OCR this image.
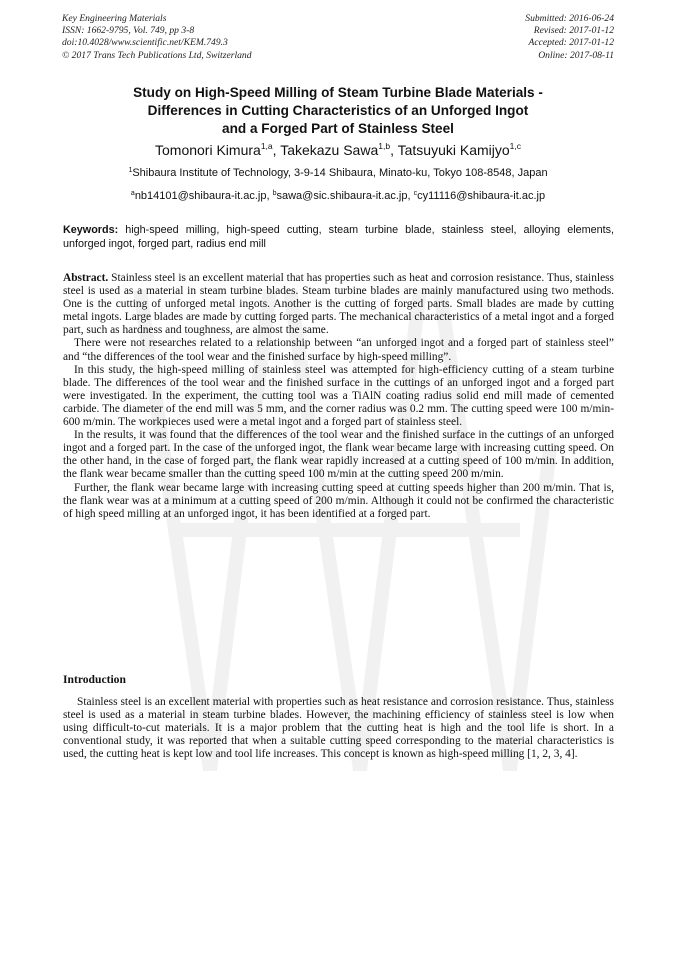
Key Engineering Materials
ISSN: 1662-9795, Vol. 749, pp 3-8
doi:10.4028/www.scientific.net/KEM.749.3
© 2017 Trans Tech Publications Ltd, Switzerland
Submitted: 2016-06-24
Revised: 2017-01-12
Accepted: 2017-01-12
Online: 2017-08-11
Study on High-Speed Milling of Steam Turbine Blade Materials -
Differences in Cutting Characteristics of an Unforged Ingot
and a Forged Part of Stainless Steel
Tomonori Kimura$^{1,a}$, Takekazu Sawa$^{1,b}$, Tatsuyuki Kamijyo$^{1,c}$
$^1$Shibaura Institute of Technology, 3-9-14 Shibaura, Minato-ku, Tokyo 108-8548, Japan
$^a$nb14101@shibaura-it.ac.jp, $^b$sawa@sic.shibaura-it.ac.jp, $^c$cy11116@shibaura-it.ac.jp
Keywords: high-speed milling, high-speed cutting, steam turbine blade, stainless steel, alloying elements, unforged ingot, forged part, radius end mill

Abstract. Stainless steel is an excellent material that has properties such as heat and corrosion resistance. Thus, stainless steel is used as a material in steam turbine blades. Steam turbine blades are mainly manufactured using two methods. One is the cutting of unforged metal ingots. Another is the cutting of forged parts. Small blades are made by cutting metal ingots. Large blades are made by cutting forged parts. The mechanical characteristics of a metal ingot and a forged part, such as hardness and toughness, are almost the same.

There were not researches related to a relationship between “an unforged ingot and a forged part of stainless steel” and “the differences of the tool wear and the finished surface by high-speed milling”.

In this study, the high-speed milling of stainless steel was attempted for high-efficiency cutting of a steam turbine blade. The differences of the tool wear and the finished surface in the cuttings of an unforged ingot and a forged part were investigated. In the experiment, the cutting tool was a TiAlN coating radius solid end mill made of cemented carbide. The diameter of the end mill was 5 mm, and the corner radius was 0.2 mm. The cutting speed were 100 m/min-600 m/min. The workpieces used were a metal ingot and a forged part of stainless steel.

In the results, it was found that the differences of the tool wear and the finished surface in the cuttings of an unforged ingot and a forged part. In the case of the unforged ingot, the flank wear became large with increasing cutting speed. On the other hand, in the case of forged part, the flank wear rapidly increased at a cutting speed of 100 m/min. In addition, the flank wear became smaller than the cutting speed 100 m/min at the cutting speed 200 m/min.

Further, the flank wear became large with increasing cutting speed at cutting speeds higher than 200 m/min. That is, the flank wear was at a minimum at a cutting speed of 200 m/min. Although it could not be confirmed the characteristic of high speed milling at an unforged ingot, it has been identified at a forged part.

Introduction

Stainless steel is an excellent material with properties such as heat resistance and corrosion resistance. Thus, stainless steel is used as a material in steam turbine blades. However, the machining efficiency of stainless steel is low when using difficult-to-cut materials. It is a major problem that the cutting heat is high and the tool life is short. In a conventional study, it was reported that when a suitable cutting speed corresponding to the material characteristics is used, the cutting heat is kept low and tool life increases. This concept is known as high-speed milling [1, 2, 3, 4].
